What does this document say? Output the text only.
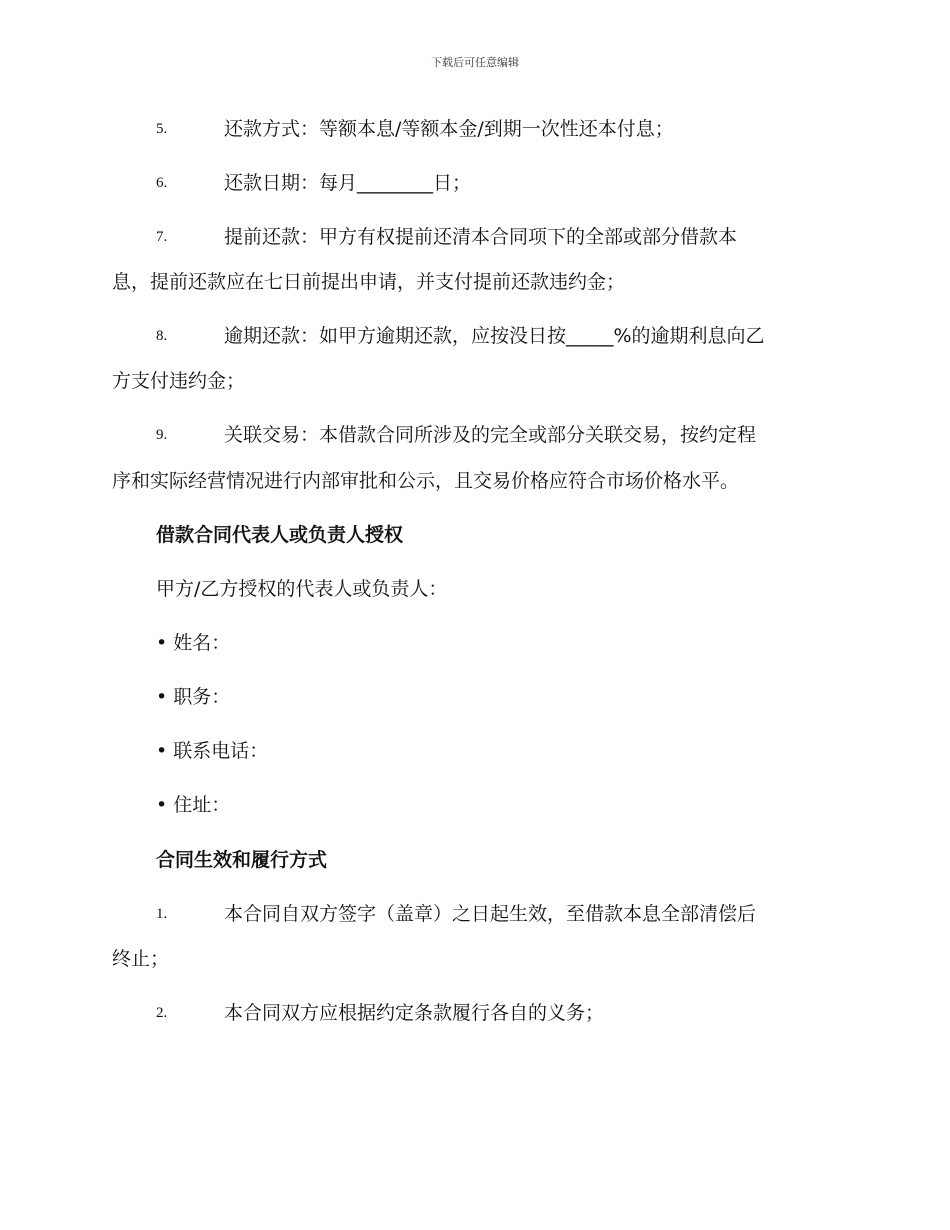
下载后可任意编辑
5.	还款方式：等额本息/等额本金/到期一次性还本付息；
6.	还款日期：每月________日；
7.	提前还款：甲方有权提前还清本合同项下的全部或部分借款本
息，提前还款应在七日前提出申请，并支付提前还款违约金；
8.	逾期还款：如甲方逾期还款，应按没日按_____%的逾期利息向乙
方支付违约金；
9.	关联交易：本借款合同所涉及的完全或部分关联交易，按约定程
序和实际经营情况进行内部审批和公示，且交易价格应符合市场价格水平。
借款合同代表人或负责人授权
甲方/乙方授权的代表人或负责人：
• 姓名：
• 职务：
• 联系电话：
• 住址：
合同生效和履行方式
1.	本合同自双方签字（盖章）之日起生效，至借款本息全部清偿后
终止；
2.	本合同双方应根据约定条款履行各自的义务；
